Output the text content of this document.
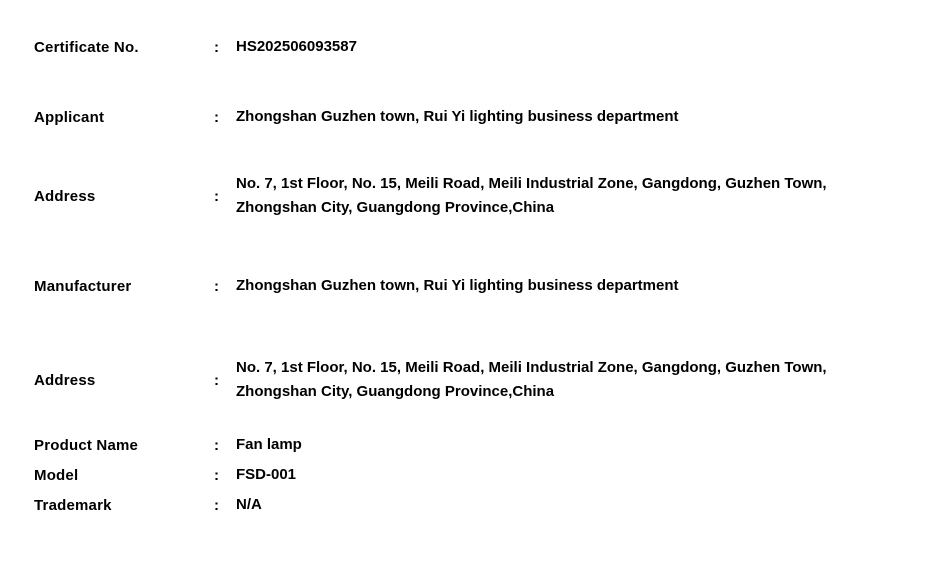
Certificate No.	:	HS202506093587
Applicant	:	Zhongshan Guzhen town, Rui Yi lighting business department
Address	:	No. 7, 1st Floor, No. 15, Meili Road, Meili Industrial Zone, Gangdong, Guzhen Town, Zhongshan City, Guangdong Province,China
Manufacturer	:	Zhongshan Guzhen town, Rui Yi lighting business department
Address	:	No. 7, 1st Floor, No. 15, Meili Road, Meili Industrial Zone, Gangdong, Guzhen Town, Zhongshan City, Guangdong Province,China
Product Name	:	Fan lamp
Model	:	FSD-001
Trademark	:	N/A
